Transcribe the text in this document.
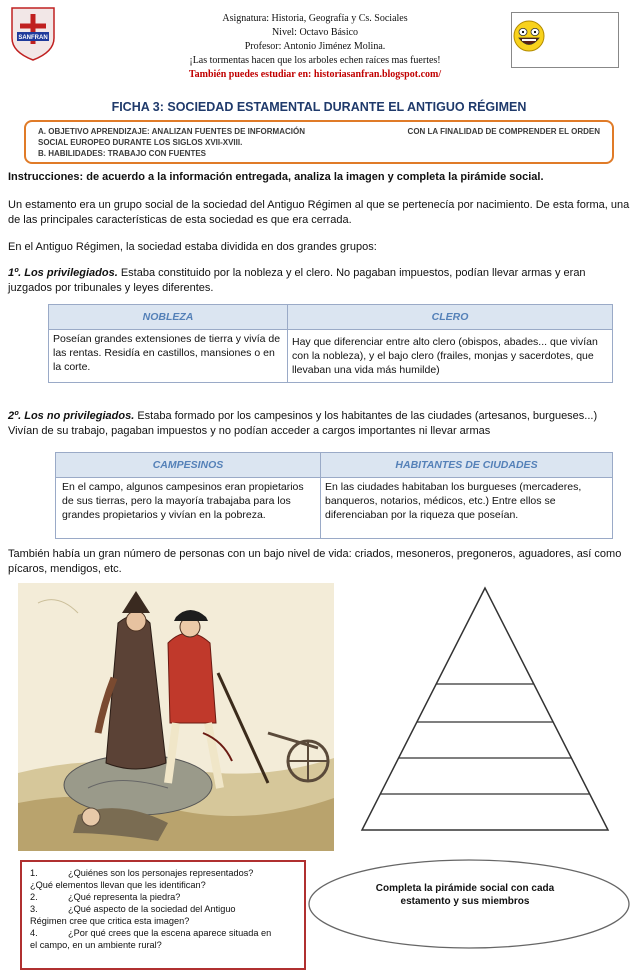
SANFRAN
Asignatura: Historia, Geografía y Cs. Sociales
Nivel: Octavo Básico
Profesor: Antonio Jiménez Molina.
¡Las tormentas hacen que los arboles echen raíces mas fuertes!
También puedes estudiar en: historiasanfran.blogspot.com/
FICHA 3: SOCIEDAD ESTAMENTAL DURANTE EL ANTIGUO RÉGIMEN
A. OBJETIVO APRENDIZAJE: ANALIZAN FUENTES DE INFORMACIÓN	CON LA FINALIDAD DE COMPRENDER EL ORDEN
SOCIAL EUROPEO DURANTE LOS SIGLOS XVII-XVIII.
B. HABILIDADES: TRABAJO CON FUENTES
Instrucciones: de acuerdo a la información entregada, analiza la imagen y completa la pirámide social.
Un estamento era un grupo social de la sociedad del Antiguo Régimen al que se pertenecía por nacimiento. De esta forma, una de las principales características de esta sociedad es que era cerrada.
En el Antiguo Régimen, la sociedad estaba dividida en dos grandes grupos:
1º. Los privilegiados. Estaba constituido por la nobleza y el clero. No pagaban impuestos, podían llevar armas y eran juzgados por tribunales y leyes diferentes.
NOBLEZA	CLERO
Poseían grandes extensiones de tierra y vivía de las rentas. Residía en castillos, mansiones o en la corte.	Hay que diferenciar entre alto clero (obispos, abades... que vivían con la nobleza), y el bajo clero (frailes, monjas y sacerdotes, que llevaban una vida más humilde)
2º. Los no privilegiados. Estaba formado por los campesinos y los habitantes de las ciudades (artesanos, burgueses...) Vivían de su trabajo, pagaban impuestos y no podían acceder a cargos importantes ni llevar armas
CAMPESINOS	HABITANTES DE CIUDADES
En el campo, algunos campesinos eran propietarios de sus tierras, pero la mayoría trabajaba para los grandes propietarios y vivían en la pobreza.	En las ciudades habitaban los burgueses (mercaderes, banqueros, notarios, médicos, etc.) Entre ellos se diferenciaban por la riqueza que poseían.
También había un gran número de personas con un bajo nivel de vida: criados, mesoneros, pregoneros, aguadores, así como pícaros, mendigos, etc.
1.	¿Quiénes son los personajes representados?
¿Qué elementos llevan que les identifican?
2.	¿Qué representa la piedra?
3.	¿Qué aspecto de la sociedad del Antiguo
Régimen cree que critica esta imagen?
4.	¿Por qué crees que la escena aparece situada en
el campo, en un ambiente rural?
Completa la pirámide social con cada estamento y sus miembros
